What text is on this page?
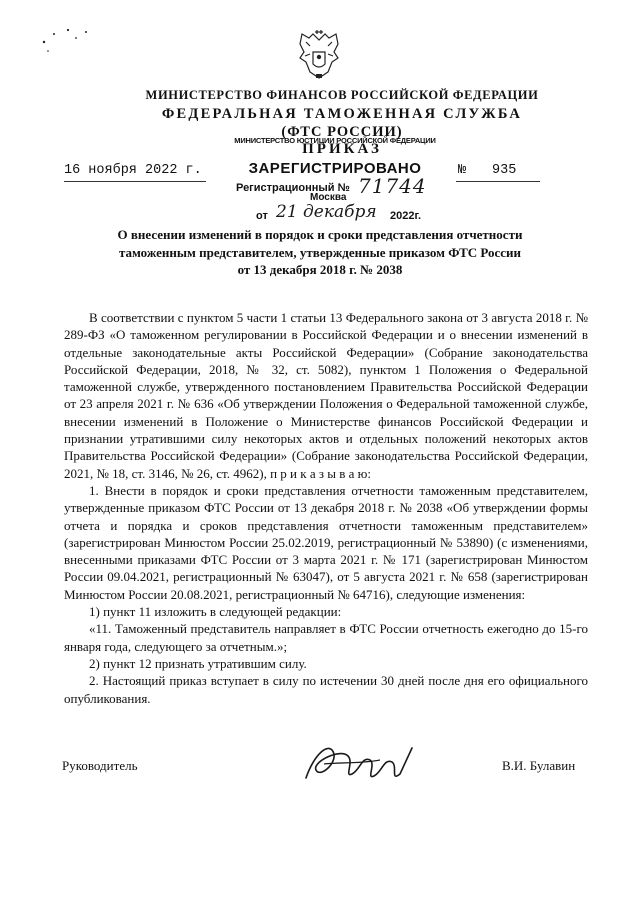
МИНИСТЕРСТВО ФИНАНСОВ РОССИЙСКОЙ ФЕДЕРАЦИИ
ФЕДЕРАЛЬНАЯ ТАМОЖЕННАЯ СЛУЖБА
(ФТС РОССИИ)
ПРИКАЗ
МИНИСТЕРСТВО ЮСТИЦИИ РОССИЙСКОЙ ФЕДЕРАЦИИ
ЗАРЕГИСТРИРОВАНО
Регистрационный № 71744
Москва
от 21 декабря 2022г.
16 ноября 2022 г.	№ 935
О внесении изменений в порядок и сроки представления отчетности
таможенным представителем, утвержденные приказом ФТС России
от 13 декабря 2018 г. № 2038

В соответствии с пунктом 5 части 1 статьи 13 Федерального закона от 3 августа 2018 г. № 289-ФЗ «О таможенном регулировании в Российской Федерации и о внесении изменений в отдельные законодательные акты Российской Федерации» (Собрание законодательства Российской Федерации, 2018, № 32, ст. 5082), пунктом 1 Положения о Федеральной таможенной службе, утвержденного постановлением Правительства Российской Федерации от 23 апреля 2021 г. № 636 «Об утверждении Положения о Федеральной таможенной службе, внесении изменений в Положение о Министерстве финансов Российской Федерации и признании утратившими силу некоторых актов и отдельных положений некоторых актов Правительства Российской Федерации» (Собрание законодательства Российской Федерации, 2021, № 18, ст. 3146, № 26, ст. 4962), п р и к а з ы в а ю:

1. Внести в порядок и сроки представления отчетности таможенным представителем, утвержденные приказом ФТС России от 13 декабря 2018 г. № 2038 «Об утверждении формы отчета и порядка и сроков представления отчетности таможенным представителем» (зарегистрирован Минюстом России 25.02.2019, регистрационный № 53890) (с изменениями, внесенными приказами ФТС России от 3 марта 2021 г. № 171 (зарегистрирован Минюстом России 09.04.2021, регистрационный № 63047), от 5 августа 2021 г. № 658 (зарегистрирован Минюстом России 20.08.2021, регистрационный № 64716), следующие изменения:

1) пункт 11 изложить в следующей редакции:

«11. Таможенный представитель направляет в ФТС России отчетность ежегодно до 15-го января года, следующего за отчетным.»;

2) пункт 12 признать утратившим силу.

2. Настоящий приказ вступает в силу по истечении 30 дней после дня его официального опубликования.

Руководитель	В.И. Булавин
